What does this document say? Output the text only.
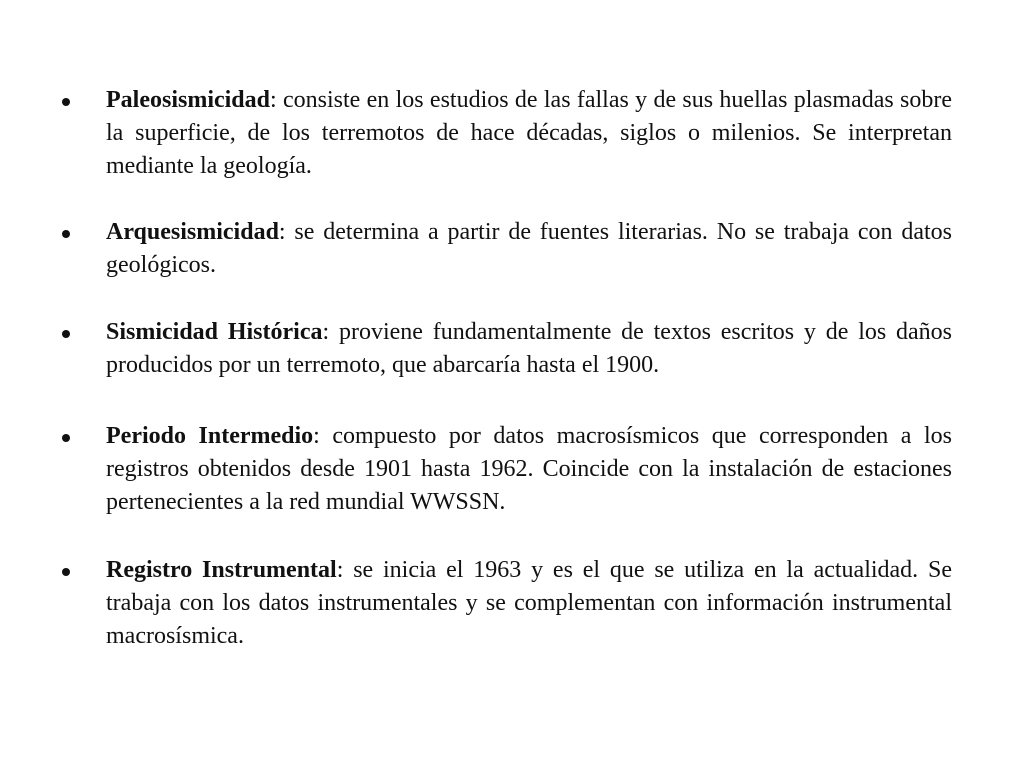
Paleosismicidad: consiste en los estudios de las fallas y de sus huellas plasmadas sobre la superficie, de los terremotos de hace décadas, siglos o milenios. Se interpretan mediante la geología.

Arquesismicidad: se determina a partir de fuentes literarias. No se trabaja con datos geológicos.

Sismicidad Histórica: proviene fundamentalmente de textos escritos y de los daños producidos por un terremoto, que abarcaría hasta el 1900.

Periodo Intermedio: compuesto por datos macrosísmicos que corresponden a los registros obtenidos desde 1901 hasta 1962. Coincide con la instalación de estaciones pertenecientes a la red mundial WWSSN.

Registro Instrumental: se inicia el 1963 y es el que se utiliza en la actualidad. Se trabaja con los datos instrumentales y se complementan con información instrumental macrosísmica.
